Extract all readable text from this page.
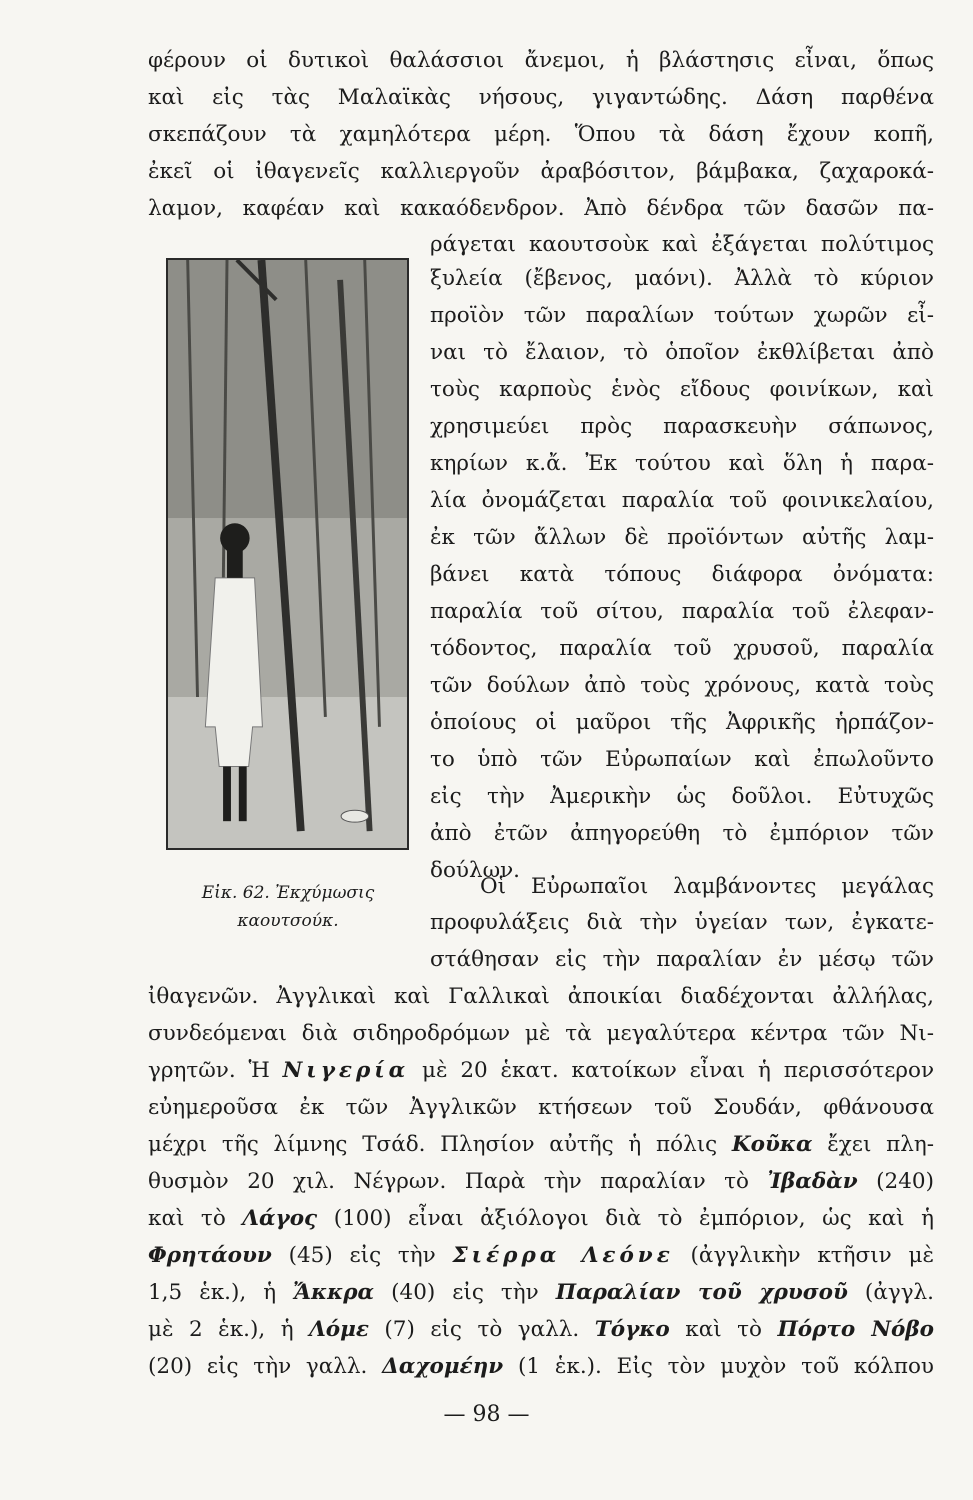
φέρουν οἱ δυτικοὶ θαλάσσιοι ἄνεμοι, ἡ βλάστησις εἶναι, ὅπως
καὶ εἰς τὰς Μαλαϊκὰς νήσους, γιγαντώδης. Δάση παρθένα
σκεπάζουν τὰ χαμηλότερα μέρη. Ὅπου τὰ δάση ἔχουν κοπῆ,
ἐκεῖ οἱ ἰθαγενεῖς καλλιεργοῦν ἀραβόσιτον, βάμβακα, ζαχαροκά-
λαμον, καφέαν καὶ κακαόδενδρον. Ἀπὸ δένδρα τῶν δασῶν πα-
ράγεται καουτσοὺκ καὶ ἐξάγεται πολύτιμος
ξυλεία (ἔβενος, μαόνι). Ἀλλὰ τὸ κύριον
προϊὸν τῶν παραλίων τούτων χωρῶν εἶ-
ναι τὸ ἔλαιον, τὸ ὁποῖον ἐκθλίβεται ἀπὸ
τοὺς καρποὺς ἑνὸς εἴδους φοινίκων, καὶ
χρησιμεύει πρὸς παρασκευὴν σάπωνος,
κηρίων κ.ἄ. Ἐκ τούτου καὶ ὅλη ἡ παρα-
λία ὀνομάζεται παραλία τοῦ φοινικελαίου,
ἐκ τῶν ἄλλων δὲ προϊόντων αὐτῆς λαμ-
βάνει κατὰ τόπους διάφορα ὀνόματα:
παραλία τοῦ σίτου, παραλία τοῦ ἐλεφαν-
τόδοντος, παραλία τοῦ χρυσοῦ, παραλία
τῶν δούλων ἀπὸ τοὺς χρόνους, κατὰ τοὺς
ὁποίους οἱ μαῦροι τῆς Ἀφρικῆς ἡρπάζον-
το ὑπὸ τῶν Εὐρωπαίων καὶ ἐπωλοῦντο
εἰς τὴν Ἀμερικὴν ὡς δοῦλοι. Εὐτυχῶς
ἀπὸ ἐτῶν ἀπηγορεύθη τὸ ἐμπόριον τῶν
δούλων.
Εἰκ. 62. Ἐκχύμωσις
καουτσούκ.
Οἱ Εὐρωπαῖοι λαμβάνοντες μεγάλας
προφυλάξεις διὰ τὴν ὑγείαν των, ἐγκατε-
στάθησαν εἰς τὴν παραλίαν ἐν μέσῳ τῶν
ἰθαγενῶν. Ἀγγλικαὶ καὶ Γαλλικαὶ ἀποικίαι διαδέχονται ἀλλήλας,
συνδεόμεναι διὰ σιδηροδρόμων μὲ τὰ μεγαλύτερα κέντρα τῶν Νι-
γρητῶν. Ἡ Νιγερία μὲ 20 ἑκατ. κατοίκων εἶναι ἡ περισσότερον
εὐημεροῦσα ἐκ τῶν Ἀγγλικῶν κτήσεων τοῦ Σουδάν, φθάνουσα
μέχρι τῆς λίμνης Τσάδ. Πλησίον αὐτῆς ἡ πόλις Κοῦκα ἔχει πλη-
θυσμὸν 20 χιλ. Νέγρων. Παρὰ τὴν παραλίαν τὸ Ἰβαδὰν (240)
καὶ τὸ Λάγος (100) εἶναι ἀξιόλογοι διὰ τὸ ἐμπόριον, ὡς καὶ ἡ
Φρητάουν (45) εἰς τὴν Σιέρρα Λεόνε (ἀγγλικὴν κτῆσιν μὲ
1,5 ἑκ.), ἡ Ἄκκρα (40) εἰς τὴν Παραλίαν τοῦ χρυσοῦ (ἀγγλ.
μὲ 2 ἑκ.), ἡ Λόμε (7) εἰς τὸ γαλλ. Τόγκο καὶ τὸ Πόρτο Νόβο
(20) εἰς τὴν γαλλ. Δαχομέην (1 ἑκ.). Εἰς τὸν μυχὸν τοῦ κόλπου
— 98 —
